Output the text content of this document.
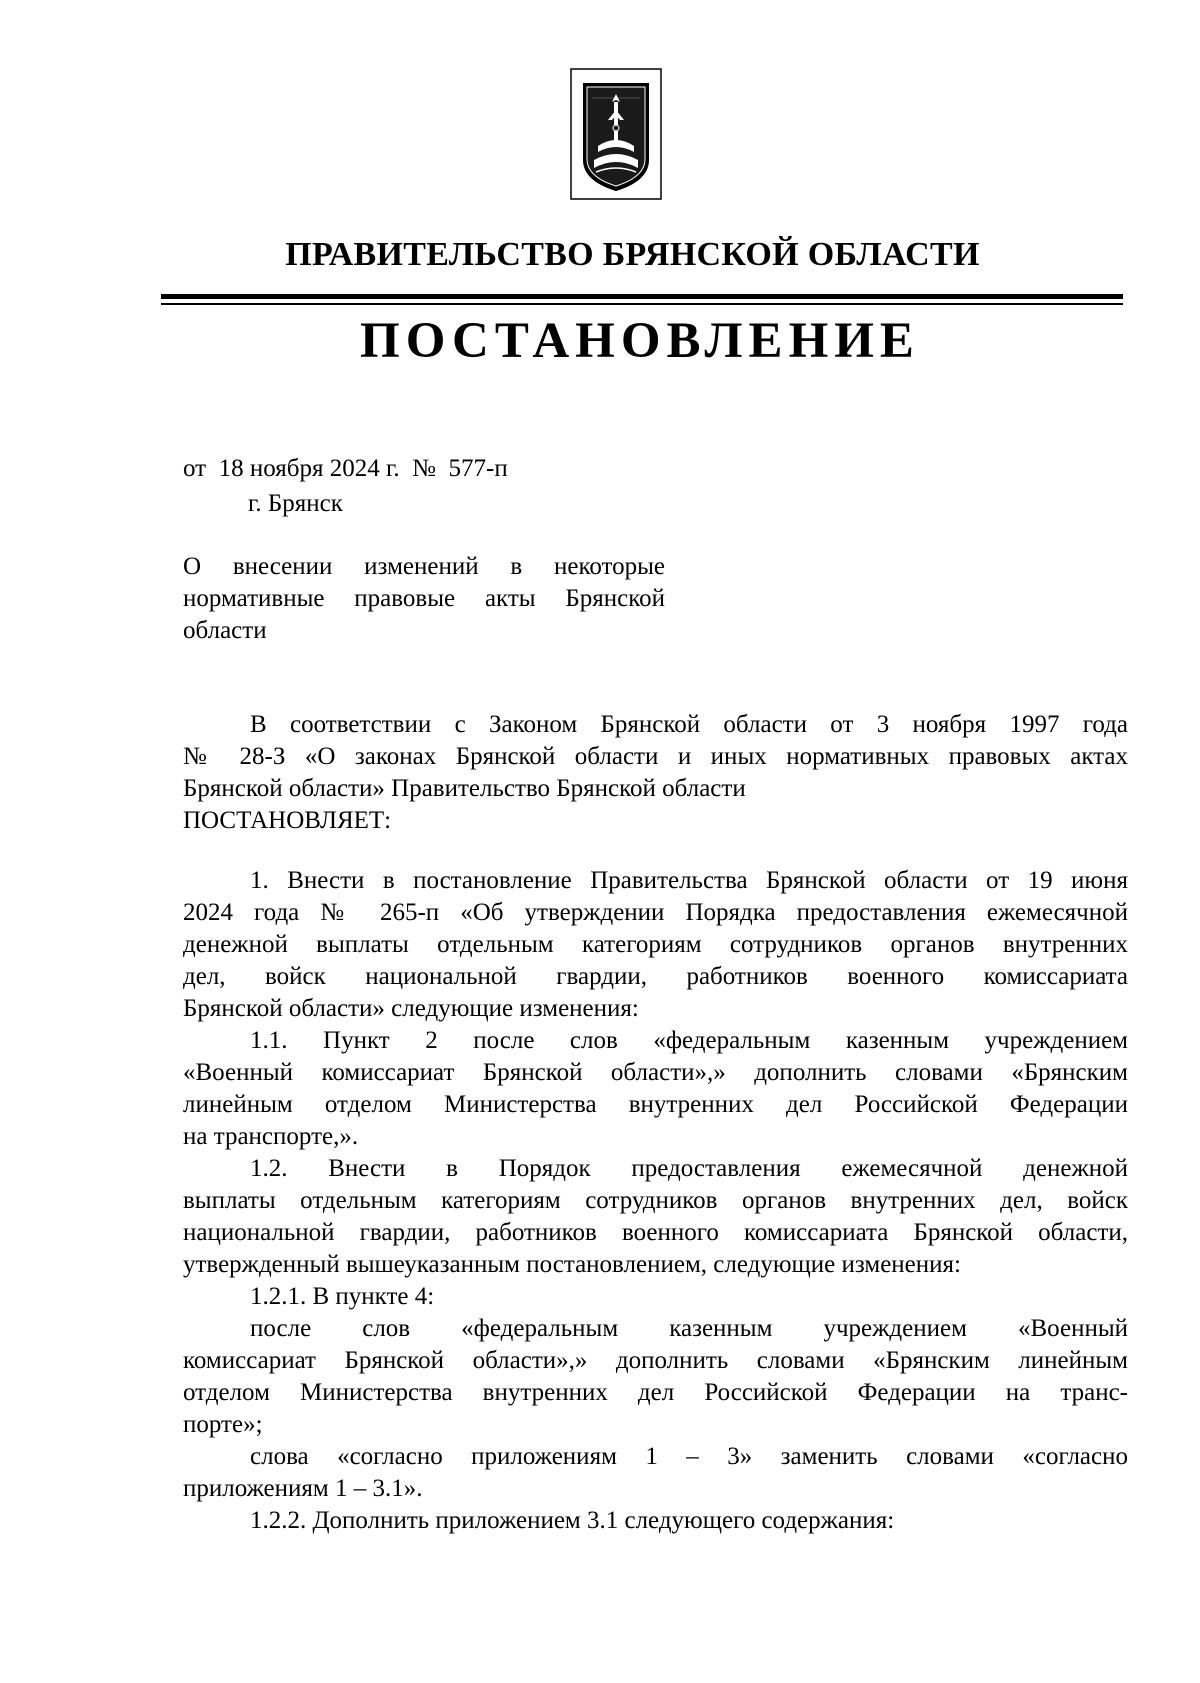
ПРАВИТЕЛЬСТВО БРЯНСКОЙ ОБЛАСТИ
ПОСТАНОВЛЕНИЕ
от  18 ноября 2024 г.  №  577-п
г. Брянск
О внесении изменений в некоторые
нормативные правовые акты Брянской
области
В соответствии с Законом Брянской области от 3 ноября 1997 года
№ 28-З «О законах Брянской области и иных нормативных правовых актах
Брянской области» Правительство Брянской области
ПОСТАНОВЛЯЕТ:
1. Внести в постановление Правительства Брянской области от 19 июня
2024 года № 265-п «Об утверждении Порядка предоставления ежемесячной
денежной выплаты отдельным категориям сотрудников органов внутренних
дел, войск национальной гвардии, работников военного комиссариата
Брянской области» следующие изменения:
1.1. Пункт 2 после слов «федеральным казенным учреждением
«Военный комиссариат Брянской области»,» дополнить словами «Брянским
линейным отделом Министерства внутренних дел Российской Федерации
на транспорте,».
1.2. Внести в Порядок предоставления ежемесячной денежной
выплаты отдельным категориям сотрудников органов внутренних дел, войск
национальной гвардии, работников военного комиссариата Брянской области,
утвержденный вышеуказанным постановлением, следующие изменения:
1.2.1. В пункте 4:
после слов «федеральным казенным учреждением «Военный
комиссариат Брянской области»,» дополнить словами «Брянским линейным
отделом Министерства внутренних дел Российской Федерации на транс-
порте»;
слова «согласно приложениям 1 – 3» заменить словами «согласно
приложениям 1 – 3.1».
1.2.2. Дополнить приложением 3.1 следующего содержания:
